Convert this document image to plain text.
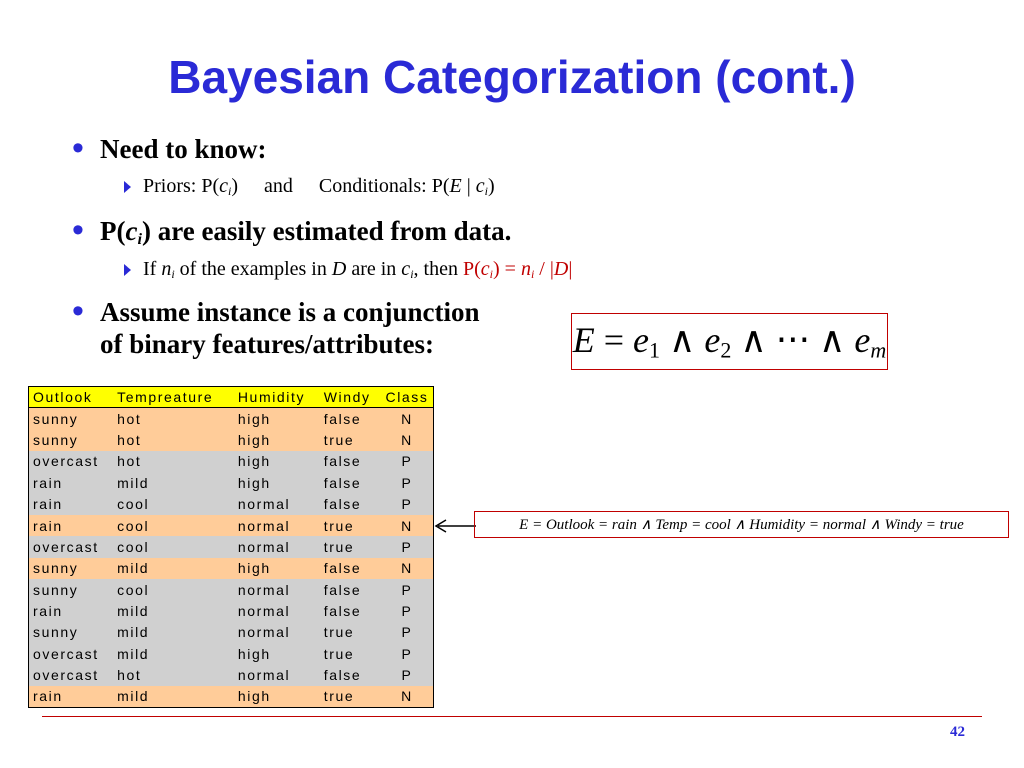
Bayesian Categorization (cont.)
• Need to know:
Priors: $P(c_i)$ and Conditionals: P(E | $c_i$)
• $P(c_i)$ are easily estimated from data.
If $n_i$ of the examples in D are in $c_i$, then $P(c_i) = n_i / |D|$
• Assume instance is a conjunction
of binary features/attributes:	$E = e_1$ ∧ $e_2$ ∧ ⋅⋅⋅ ∧ $e_m$
Outlook	Tempreature	Humidity	Windy	Class
sunny	hot	high	false	N
sunny	hot	high	true	N
overcast	hot	high	false	P
rain	mild	high	false	P
rain	cool	normal	false	P
rain	cool	normal	true	N
overcast	cool	normal	true	P
sunny	mild	high	false	N
sunny	cool	normal	false	P
rain	mild	normal	false	P
sunny	mild	normal	true	P
overcast	mild	high	true	P
overcast	hot	normal	false	P
rain	mild	high	true	N
E = Outlook = rain ∧ Temp = cool ∧ Humidity = normal ∧ Windy = true
42
